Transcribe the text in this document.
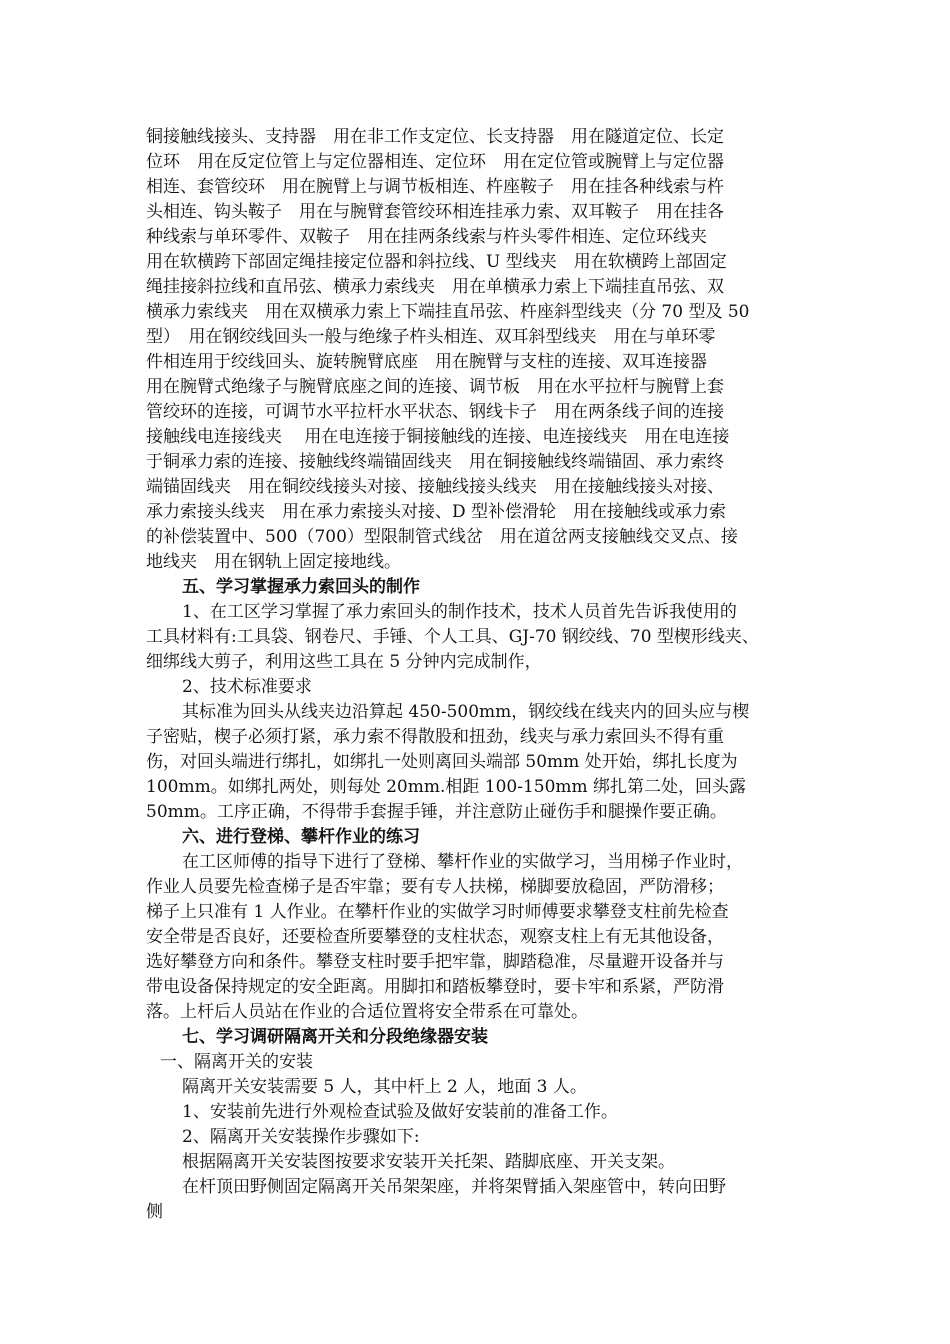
铜接触线接头、支持器　用在非工作支定位、长支持器　用在隧道定位、长定
位环　用在反定位管上与定位器相连、定位环　用在定位管或腕臂上与定位器
相连、套管绞环　用在腕臂上与调节板相连、杵座鞍子　用在挂各种线索与杵
头相连、钩头鞍子　用在与腕臂套管绞环相连挂承力索、双耳鞍子　用在挂各
种线索与单环零件、双鞍子　用在挂两条线索与杵头零件相连、定位环线夹
用在软横跨下部固定绳挂接定位器和斜拉线、U 型线夹　用在软横跨上部固定
绳挂接斜拉线和直吊弦、横承力索线夹　用在单横承力索上下端挂直吊弦、双
横承力索线夹　用在双横承力索上下端挂直吊弦、杵座斜型线夹（分 70 型及 50
型）　用在钢绞线回头一般与绝缘子杵头相连、双耳斜型线夹　用在与单环零
件相连用于绞线回头、旋转腕臂底座　用在腕臂与支柱的连接、双耳连接器
用在腕臂式绝缘子与腕臂底座之间的连接、调节板　用在水平拉杆与腕臂上套
管绞环的连接，可调节水平拉杆水平状态、钢线卡子　用在两条线子间的连接
接触线电连接线夹　 用在电连接于铜接触线的连接、电连接线夹　用在电连接
于铜承力索的连接、接触线终端锚固线夹　用在铜接触线终端锚固、承力索终
端锚固线夹　用在铜绞线接头对接、接触线接头线夹　用在接触线接头对接、
承力索接头线夹　用在承力索接头对接、D 型补偿滑轮　用在接触线或承力索
的补偿装置中、500（700）型限制管式线岔　用在道岔两支接触线交叉点、接
地线夹　用在钢轨上固定接地线。
五、学习掌握承力索回头的制作
1、在工区学习掌握了承力索回头的制作技术，技术人员首先告诉我使用的
工具材料有:工具袋、钢卷尺、手锤、个人工具、GJ-70 钢绞线、70 型楔形线夹、
细绑线大剪子，利用这些工具在 5 分钟内完成制作，
2、技术标准要求
其标准为回头从线夹边沿算起 450-500mm，钢绞线在线夹内的回头应与楔
子密贴，楔子必须打紧，承力索不得散股和扭劲，线夹与承力索回头不得有重
伤，对回头端进行绑扎，如绑扎一处则离回头端部 50mm 处开始，绑扎长度为
100mm。如绑扎两处，则每处 20mm.相距 100-150mm 绑扎第二处，回头露
50mm。工序正确，不得带手套握手锤，并注意防止碰伤手和腿操作要正确。
六、进行登梯、攀杆作业的练习
在工区师傅的指导下进行了登梯、攀杆作业的实做学习，当用梯子作业时，
作业人员要先检查梯子是否牢靠；要有专人扶梯，梯脚要放稳固，严防滑移；
梯子上只准有 1 人作业。在攀杆作业的实做学习时师傅要求攀登支柱前先检查
安全带是否良好，还要检查所要攀登的支柱状态，观察支柱上有无其他设备，
选好攀登方向和条件。攀登支柱时要手把牢靠，脚踏稳准，尽量避开设备并与
带电设备保持规定的安全距离。用脚扣和踏板攀登时，要卡牢和系紧，严防滑
落。上杆后人员站在作业的合适位置将安全带系在可靠处。
七、学习调研隔离开关和分段绝缘器安装
一、隔离开关的安装
隔离开关安装需要 5 人，其中杆上 2 人，地面 3 人。
1、安装前先进行外观检查试验及做好安装前的准备工作。
2、隔离开关安装操作步骤如下:
根据隔离开关安装图按要求安装开关托架、踏脚底座、开关支架。
在杆顶田野侧固定隔离开关吊架架座，并将架臂插入架座管中，转向田野
侧
